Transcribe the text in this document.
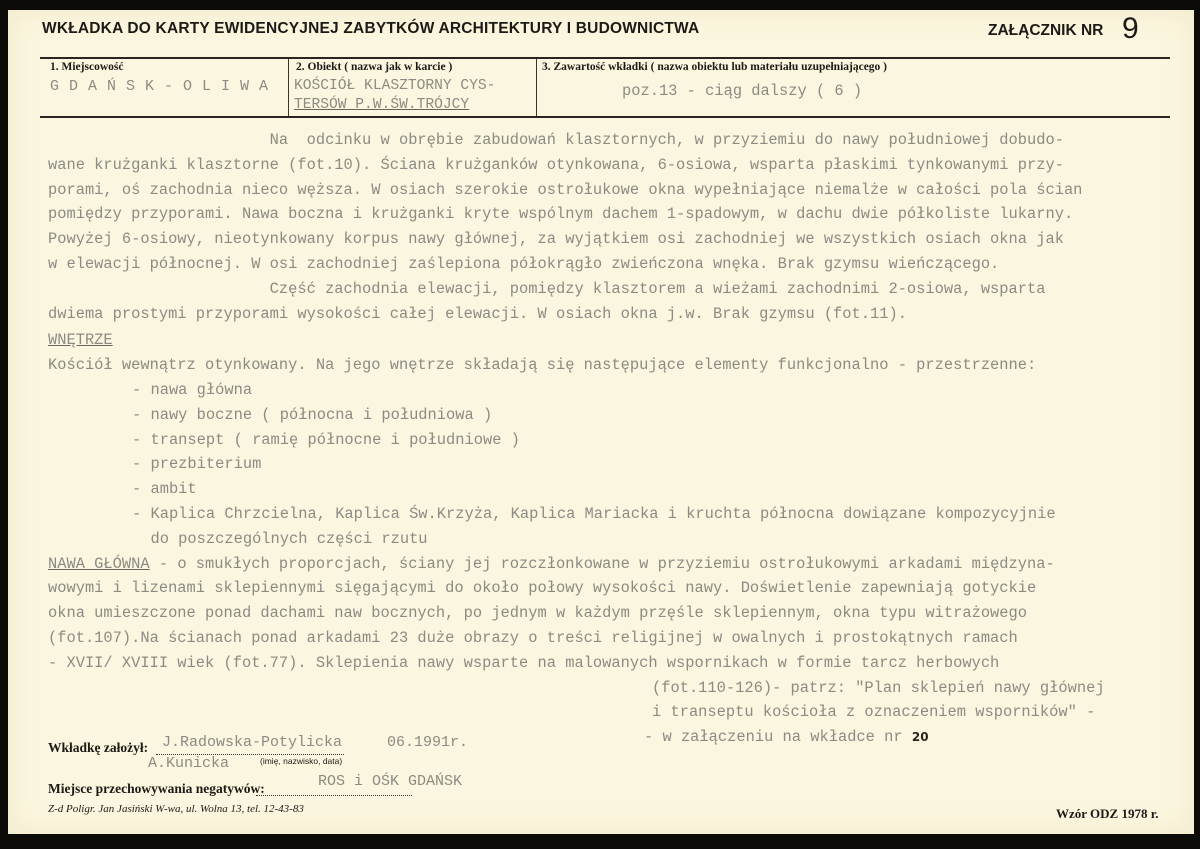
WKŁADKA DO KARTY EWIDENCYJNEJ ZABYTKÓW ARCHITEKTURY I BUDOWNICTWA	ZAŁĄCZNIK NR 9
1. Miejscowość
G D A Ń S K - O L I W A
2. Obiekt ( nazwa jak w karcie )
KOŚCIÓŁ KLASZTORNY CYS-
TERSÓW P.W.ŚW.TRÓJCY
3. Zawartość wkładki ( nazwa obiektu lub materiału uzupełniającego )
poz.13 - ciąg dalszy ( 6 )
Na  odcinku w obrębie zabudowań klasztornych, w przyziemiu do nawy południowej dobudo-
wane krużganki klasztorne (fot.10). Ściana krużganków otynkowana, 6-osiowa, wsparta płaskimi tynkowanymi przy-
porami, oś zachodnia nieco węższa. W osiach szerokie ostrołukowe okna wypełniające niemalże w całości pola ścian
pomiędzy przyporami. Nawa boczna i krużganki kryte wspólnym dachem 1-spadowym, w dachu dwie półkoliste lukarny.
Powyżej 6-osiowy, nieotynkowany korpus nawy głównej, za wyjątkiem osi zachodniej we wszystkich osiach okna jak
w elewacji północnej. W osi zachodniej zaślepiona półokrągło zwieńczona wnęka. Brak gzymsu wieńczącego.
Część zachodnia elewacji, pomiędzy klasztorem a wieżami zachodnimi 2-osiowa, wsparta
dwiema prostymi przyporami wysokości całej elewacji. W osiach okna j.w. Brak gzymsu (fot.11).
WNĘTRZE
Kościół wewnątrz otynkowany. Na jego wnętrze składają się następujące elementy funkcjonalno - przestrzenne:
- nawa główna
- nawy boczne ( północna i południowa )
- transept ( ramię północne i południowe )
- prezbiterium
- ambit
- Kaplica Chrzcielna, Kaplica Św.Krzyża, Kaplica Mariacka i kruchta północna dowiązane kompozycyjnie
do poszczególnych części rzutu
NAWA GŁÓWNA - o smukłych proporcjach, ściany jej rozczłonkowane w przyziemiu ostrołukowymi arkadami międzyna-
wowymi i lizenami sklepiennymi sięgającymi do około połowy wysokości nawy. Doświetlenie zapewniają gotyckie
okna umieszczone ponad dachami naw bocznych, po jednym w każdym przęśle sklepiennym, okna typu witrażowego
(fot.107).Na ścianach ponad arkadami 23 duże obrazy o treści religijnej w owalnych i prostokątnych ramach
- XVII/ XVIII wiek (fot.77). Sklepienia nawy wsparte na malowanych wspornikach w formie tarcz herbowych
(fot.110-126)- patrz: "Plan sklepień nawy głównej
i transeptu kościoła z oznaczeniem wsporników" -
- w załączeniu na wkładce nr 20
Wkładkę założył: J.Radowska-Potylicka     06.1991r.
A.Kunicka	(imię, nazwisko, data)
Miejsce przechowywania negatywów:	ROS i OŚK GDAŃSK
Z-d Poligr. Jan Jasiński W-wa, ul. Wolna 13, tel. 12-43-83	Wzór ODZ 1978 r.
